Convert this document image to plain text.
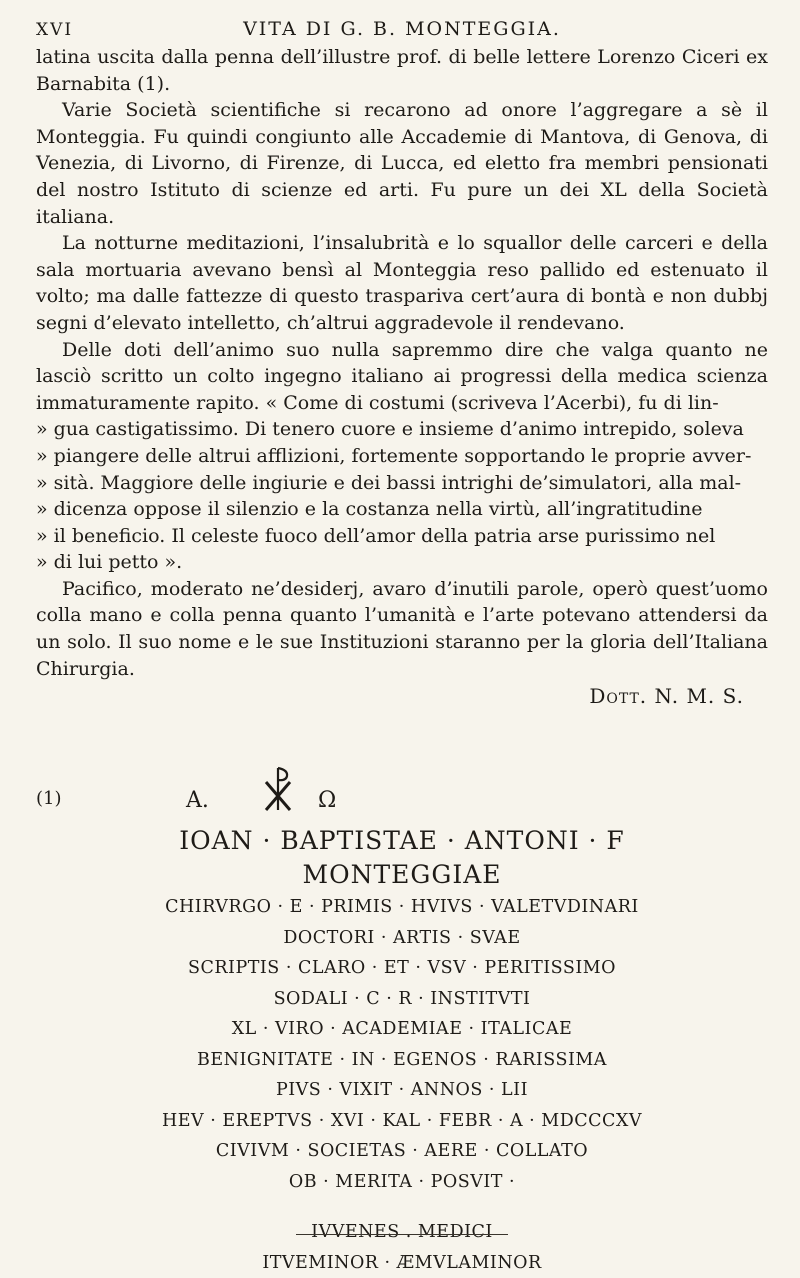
XVI	VITA DI G. B. MONTEGGIA.

latina uscita dalla penna dell’illustre prof. di belle lettere Lorenzo Ciceri ex Barnabita (1).

Varie Società scientifiche si recarono ad onore l’aggregare a sè il Monteggia. Fu quindi congiunto alle Accademie di Mantova, di Genova, di Venezia, di Livorno, di Firenze, di Lucca, ed eletto fra membri pensionati del nostro Istituto di scienze ed arti. Fu pure un dei XL della Società italiana.

La notturne meditazioni, l’insalubrità e lo squallor delle carceri e della sala mortuaria avevano bensì al Monteggia reso pallido ed estenuato il volto; ma dalle fattezze di questo traspariva cert’aura di bontà e non dubbj segni d’elevato intelletto, ch’altrui aggradevole il rendevano.

Delle doti dell’animo suo nulla sapremmo dire che valga quanto ne lasciò scritto un colto ingegno italiano ai progressi della medica scienza immaturamente rapito. « Come di costumi (scriveva l’Acerbi), fu di lin-

» gua castigatissimo. Di tenero cuore e insieme d’animo intrepido, soleva

» piangere delle altrui afflizioni, fortemente sopportando le proprie avver-

» sità. Maggiore delle ingiurie e dei bassi intrighi de’simulatori, alla mal-

» dicenza oppose il silenzio e la costanza nella virtù, all’ingratitudine

» il beneficio. Il celeste fuoco dell’amor della patria arse purissimo nel

» di lui petto ».

Pacifico, moderato ne’desiderj, avaro d’inutili parole, operò quest’uomo colla mano e colla penna quanto l’umanità e l’arte potevano attendersi da un solo. Il suo nome e le sue Instituzioni staranno per la gloria dell’Italiana Chirurgia.

Dott. N. M. S.
(1)	A.	Ω
IOAN · BAPTISTAE · ANTONI · F
MONTEGGIAE
CHIRVRGO · E · PRIMIS · HVIVS · VALETVDINARI
DOCTORI · ARTIS · SVAE
SCRIPTIS · CLARO · ET · VSV · PERITISSIMO
SODALI · C · R · INSTITVTI
XL · VIRO · ACADEMIAE · ITALICAE
BENIGNITATE · IN · EGENOS · RARISSIMA
PIVS · VIXIT · ANNOS · LII
HEV · EREPTVS · XVI · KAL · FEBR · A · MDCCCXV
CIVIVM · SOCIETAS · AERE · COLLATO
OB · MERITA · POSVIT ·
IVVENES . MEDICI
ITVEMINOR · ÆMVLAMINOR
